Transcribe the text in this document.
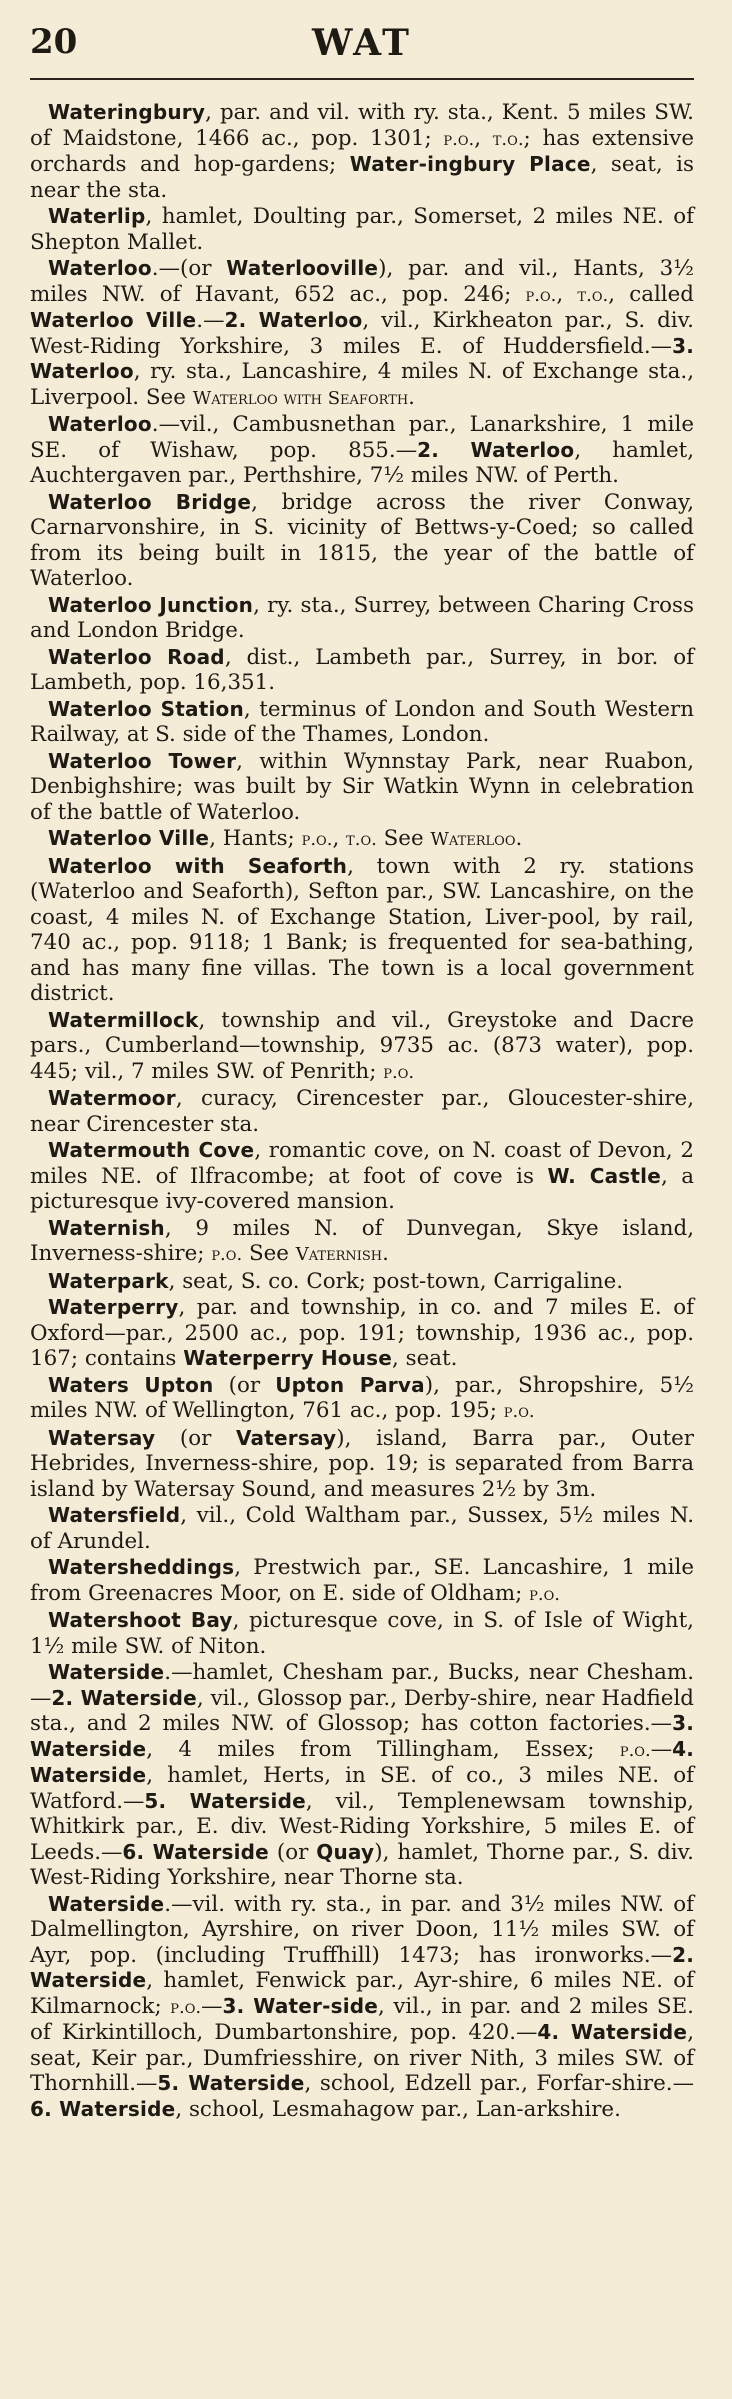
20	WAT

Wateringbury, par. and vil. with ry. sta., Kent. 5 miles SW. of Maidstone, 1466 ac., pop. 1301; p.o., t.o.; has extensive orchards and hop-gardens; Water-ingbury Place, seat, is near the sta.

Waterlip, hamlet, Doulting par., Somerset, 2 miles NE. of Shepton Mallet.

Waterloo.—(or Waterlooville), par. and vil., Hants, 3½ miles NW. of Havant, 652 ac., pop. 246; p.o., t.o., called Waterloo Ville.—2. Waterloo, vil., Kirkheaton par., S. div. West-Riding Yorkshire, 3 miles E. of Huddersfield.—3. Waterloo, ry. sta., Lancashire, 4 miles N. of Exchange sta., Liverpool. See Waterloo with Seaforth.

Waterloo.—vil., Cambusnethan par., Lanarkshire, 1 mile SE. of Wishaw, pop. 855.—2. Waterloo, hamlet, Auchtergaven par., Perthshire, 7½ miles NW. of Perth.

Waterloo Bridge, bridge across the river Conway, Carnarvonshire, in S. vicinity of Bettws-y-Coed; so called from its being built in 1815, the year of the battle of Waterloo.

Waterloo Junction, ry. sta., Surrey, between Charing Cross and London Bridge.

Waterloo Road, dist., Lambeth par., Surrey, in bor. of Lambeth, pop. 16,351.

Waterloo Station, terminus of London and South Western Railway, at S. side of the Thames, London.

Waterloo Tower, within Wynnstay Park, near Ruabon, Denbighshire; was built by Sir Watkin Wynn in celebration of the battle of Waterloo.

Waterloo Ville, Hants; p.o., t.o. See Waterloo.

Waterloo with Seaforth, town with 2 ry. stations (Waterloo and Seaforth), Sefton par., SW. Lancashire, on the coast, 4 miles N. of Exchange Station, Liver-pool, by rail, 740 ac., pop. 9118; 1 Bank; is frequented for sea-bathing, and has many fine villas. The town is a local government district.

Watermillock, township and vil., Greystoke and Dacre pars., Cumberland—township, 9735 ac. (873 water), pop. 445; vil., 7 miles SW. of Penrith; p.o.

Watermoor, curacy, Cirencester par., Gloucester-shire, near Cirencester sta.

Watermouth Cove, romantic cove, on N. coast of Devon, 2 miles NE. of Ilfracombe; at foot of cove is W. Castle, a picturesque ivy-covered mansion.

Waternish, 9 miles N. of Dunvegan, Skye island, Inverness-shire; p.o. See Vaternish.

Waterpark, seat, S. co. Cork; post-town, Carrigaline.

Waterperry, par. and township, in co. and 7 miles E. of Oxford—par., 2500 ac., pop. 191; township, 1936 ac., pop. 167; contains Waterperry House, seat.

Waters Upton (or Upton Parva), par., Shropshire, 5½ miles NW. of Wellington, 761 ac., pop. 195; p.o.

Watersay (or Vatersay), island, Barra par., Outer Hebrides, Inverness-shire, pop. 19; is separated from Barra island by Watersay Sound, and measures 2½ by 3m.

Watersfield, vil., Cold Waltham par., Sussex, 5½ miles N. of Arundel.

Watersheddings, Prestwich par., SE. Lancashire, 1 mile from Greenacres Moor, on E. side of Oldham; p.o.

Watershoot Bay, picturesque cove, in S. of Isle of Wight, 1½ mile SW. of Niton.

Waterside.—hamlet, Chesham par., Bucks, near Chesham.—2. Waterside, vil., Glossop par., Derby-shire, near Hadfield sta., and 2 miles NW. of Glossop; has cotton factories.—3. Waterside, 4 miles from Tillingham, Essex; p.o.—4. Waterside, hamlet, Herts, in SE. of co., 3 miles NE. of Watford.—5. Waterside, vil., Templenewsam township, Whitkirk par., E. div. West-Riding Yorkshire, 5 miles E. of Leeds.—6. Waterside (or Quay), hamlet, Thorne par., S. div. West-Riding Yorkshire, near Thorne sta.

Waterside.—vil. with ry. sta., in par. and 3½ miles NW. of Dalmellington, Ayrshire, on river Doon, 11½ miles SW. of Ayr, pop. (including Truffhill) 1473; has ironworks.—2. Waterside, hamlet, Fenwick par., Ayr-shire, 6 miles NE. of Kilmarnock; p.o.—3. Water-side, vil., in par. and 2 miles SE. of Kirkintilloch, Dumbartonshire, pop. 420.—4. Waterside, seat, Keir par., Dumfriesshire, on river Nith, 3 miles SW. of Thornhill.—5. Waterside, school, Edzell par., Forfar-shire.—6. Waterside, school, Lesmahagow par., Lan-arkshire.
